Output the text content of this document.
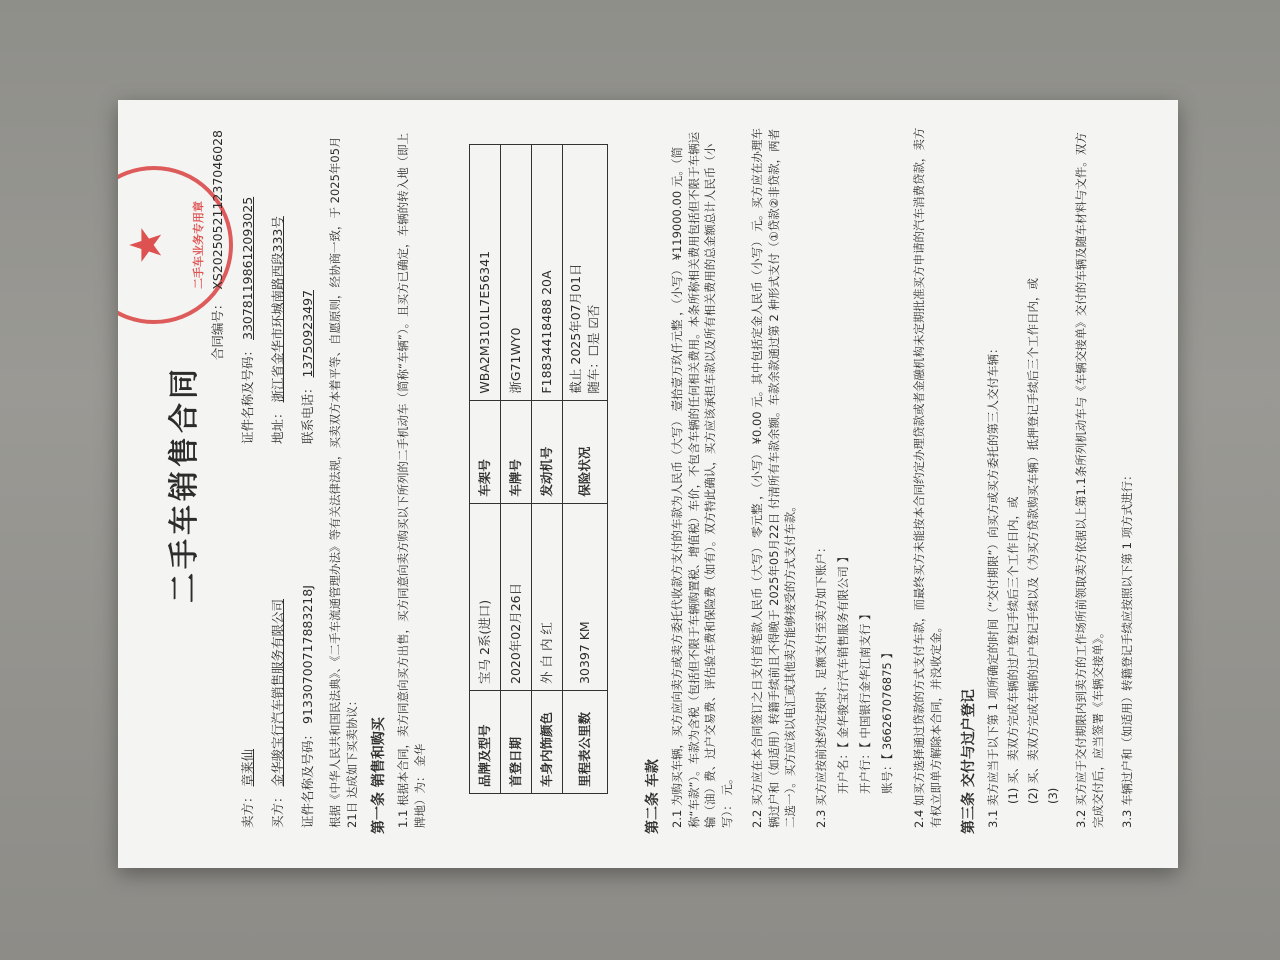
★	二手车业务专用章
二手车销售合同
合同编号：XS202505211237046028
卖方： 章莱仙
证件名称及号码： 330781198612093025
买方： 金华骏宝行汽车销售服务有限公司
地址： 浙江省金华市环城南路西段333号
证件名称及号码： 91330700717883218J
联系电话： 13750923497 根据《中华人民共和国民法典》、《二手车流通管理办法》等有关法律法规，买卖双方本着平等、自愿原则，经协商一致，于 2025年05月21日 达成如下买卖协议： 第一条 销售和购买 1.1 根据本合同，卖方同意向买方出售，买方同意向卖方购买以下所列的二手机动车（简称“车辆”）。且买方已确定，车辆的转入地（即上牌地）为： 金华	品牌及型号	宝马 2系(进口)	车架号	WBA2M3101L7E56341
首登日期	2020年02月26日	车牌号	浙G71WY0
车身内饰颜色	外 白 内 红	发动机号	F18834418488 20A
里程表公里数	30397 KM	保险状况	截止 2025年07月01日 随车：☐是 ☑否
第二条 车款 2.1 为购买车辆，买方应向卖方或卖方委托代收款方支付的车款为人民币（大写） 壹拾壹万玖仟元整 ，（小写） ¥119000.00 元。（简称“车款”）。车款为含税（包括但不限于车辆购置税、增值税）车价，不包含车辆的任何相关费用。本条所称相关费用包括但不限于车辆运输（油）费、过户交易费、评估验车费和保险费（如有）。双方特此确认，买方应该承担车款以及所有相关费用的总金额总计人民币（小写）： 元。 2.2 买方应在本合同签订之日支付首笔款人民币（大写） 零元整 ，（小写） ¥0.00 元。其中包括定金人民币（小写） 元。买方应在办理车辆过户和（如适用）转籍手续前且不得晚于 2025年05月22日 付清所有车款余额。车款余款通过第 2 种形式支付（①贷款②非贷款，两者二选一）。买方应该以电汇或其他卖方能够接受的方式支付车款。 2.3 买方应按前述约定按时、足额支付至卖方如下账户： 开户名：【 金华骏宝行汽车销售服务有限公司 】 开户行：【 中国银行金华江南支行 】 账号：【 366267076875 】 2.4 如买方选择通过贷款的方式支付车款，而最终买方未能按本合同约定办理贷款或者金融机构未定期批准买方申请的汽车消费贷款，卖方有权立即单方解除本合同，并没收定金。 第三条 交付与过户登记 3.1 卖方应当于以下第 1 项所确定的时间（“交付期限”）向买方或买方委托的第三人交付车辆： (1) 买、卖双方完成车辆的过户登记手续后三个工作日内，或 (2) 买、卖双方完成车辆的过户登记手续以及（为买方贷款购买车辆）抵押登记手续后三个工作日内，或 (3) 3.2 买方应于交付期限内到卖方的工作场所前领取卖方依据以上第1.1条所列机动车与《车辆交接单》交付的车辆及随车材料与文件。双方完成交付后，应当签署《车辆交接单》。 3.3 车辆过户和（如适用）转籍登记手续应按照以下第 1 项方式进行：
